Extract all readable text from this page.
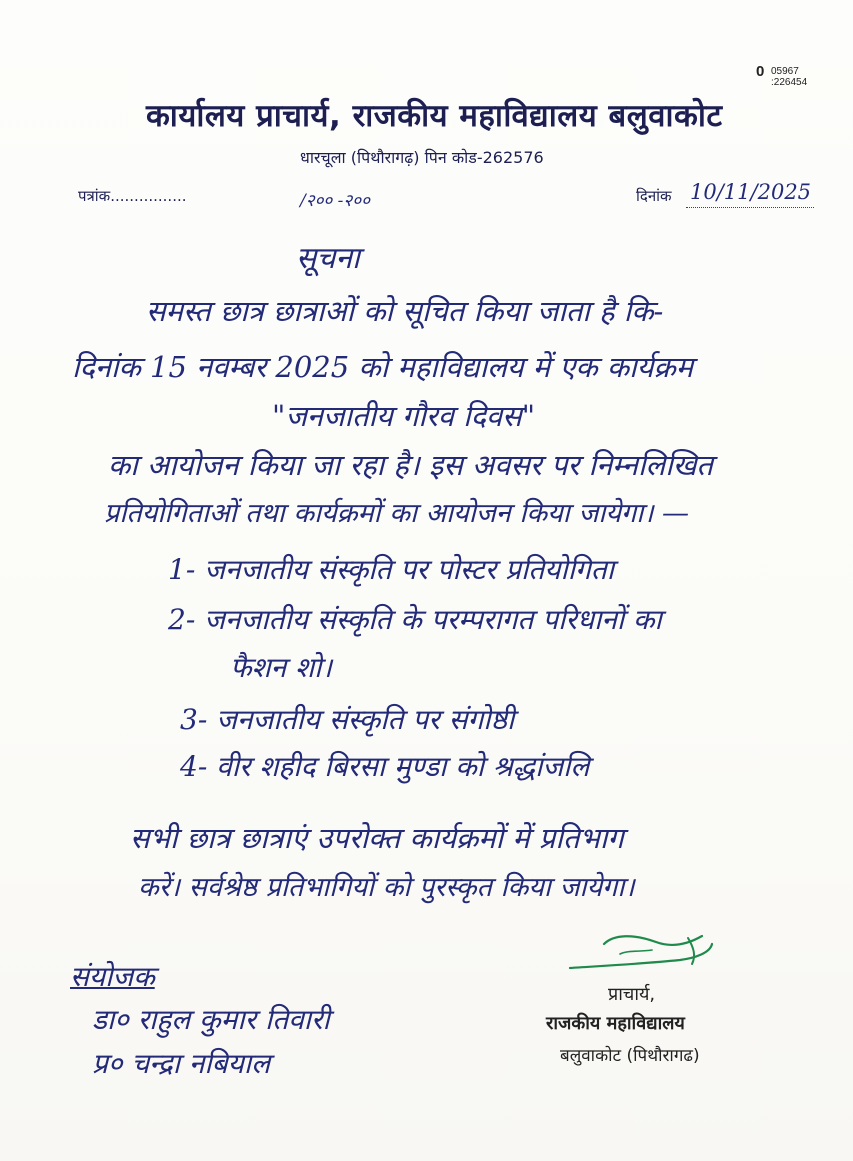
0 05967
:226454
कार्यालय प्राचार्य, राजकीय महाविद्यालय बलुवाकोट
धारचूला (पिथौरागढ़) पिन कोड-262576
पत्रांक................	/२०० -२००	दिनांक 10/11/2025
सूचना
समस्त छात्र छात्राओं को सूचित किया जाता है कि-
दिनांक 15 नवम्बर 2025 को महाविद्यालय में एक कार्यक्रम
"जनजातीय गौरव दिवस"
का आयोजन किया जा रहा है। इस अवसर पर निम्नलिखित
प्रतियोगिताओं तथा कार्यक्रमों का आयोजन किया जायेगा। —
1- जनजातीय संस्कृति पर पोस्टर प्रतियोगिता
2- जनजातीय संस्कृति के परम्परागत परिधानों का
फैशन शो।
3- जनजातीय संस्कृति पर संगोष्ठी
4- वीर शहीद बिरसा मुण्डा को श्रद्धांजलि
सभी छात्र छात्राएं उपरोक्त कार्यक्रमों में प्रतिभाग
करें। सर्वश्रेष्ठ प्रतिभागियों को पुरस्कृत किया जायेगा।
संयोजक
डा० राहुल कुमार तिवारी
प्र० चन्द्रा नबियाल
प्राचार्य,
राजकीय महाविद्यालय
बलुवाकोट (पिथौरागढ)
